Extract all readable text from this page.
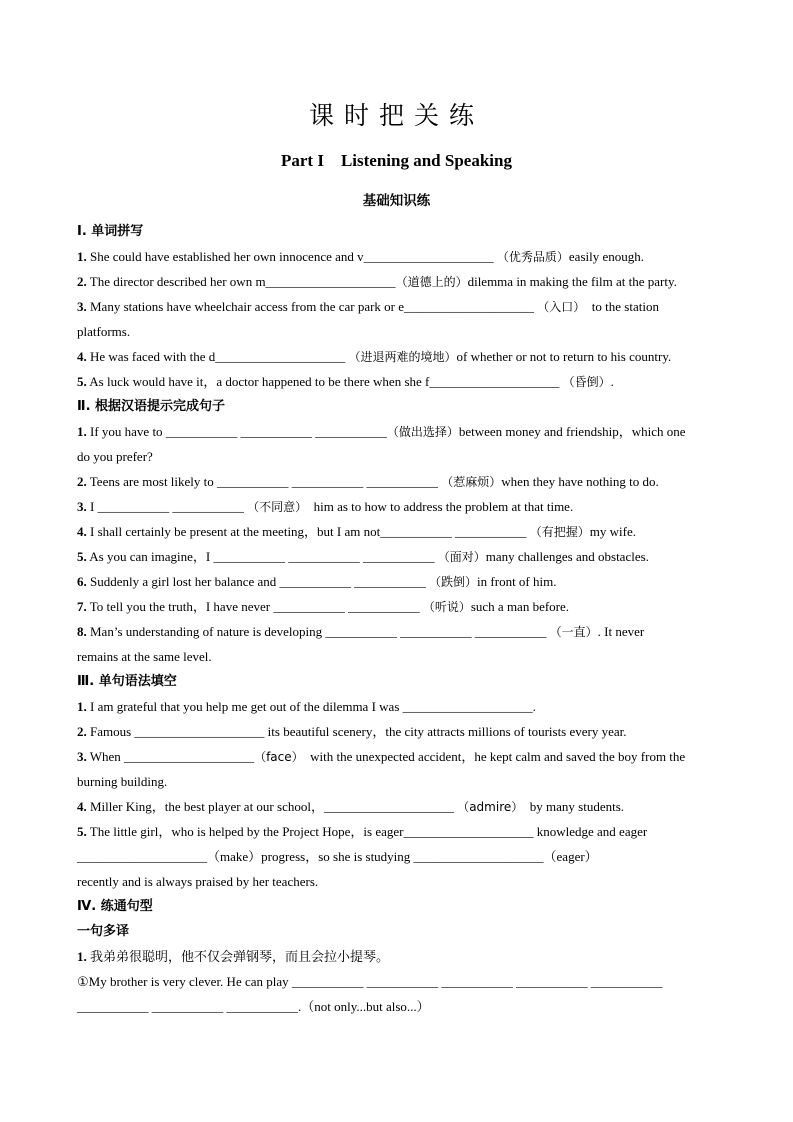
课时把关练
Part I　Listening and Speaking
基础知识练
Ⅰ. 单词拼写
1. She could have established her own innocence and v____________________ （优秀品质）easily enough.
2. The director described her own m____________________（道德上的）dilemma in making the film at the party.
3. Many stations have wheelchair access from the car park or e____________________ （入口）  to the station
platforms.
4. He was faced with the d____________________ （进退两难的境地）of whether or not to return to his country.
5. As luck would have it，a doctor happened to be there when she f____________________ （昏倒）.
Ⅱ. 根据汉语提示完成句子
1. If you have to ___________ ___________ ___________（做出选择）between money and friendship，which one
do you prefer?
2. Teens are most likely to ___________ ___________ ___________ （惹麻烦）when they have nothing to do.
3. I ___________ ___________ （不同意）  him as to how to address the problem at that time.
4. I shall certainly be present at the meeting，but I am not___________ ___________ （有把握）my wife.
5. As you can imagine，I ___________ ___________ ___________ （面对）many challenges and obstacles.
6. Suddenly a girl lost her balance and ___________ ___________ （跌倒）in front of him.
7. To tell you the truth，I have never ___________ ___________ （听说）such a man before.
8. Man’s understanding of nature is developing ___________ ___________ ___________ （一直）. It never
remains at the same level.
Ⅲ. 单句语法填空
1. I am grateful that you help me get out of the dilemma I was ____________________.
2. Famous ____________________ its beautiful scenery，the city attracts millions of tourists every year.
3. When ____________________（face）  with the unexpected accident，he kept calm and saved the boy from the
burning building.
4. Miller King，the best player at our school，____________________ （admire）  by many students.
5. The little girl，who is helped by the Project Hope，is eager____________________ knowledge and eager
____________________（make）progress，so she is studying ____________________（eager）
recently and is always praised by her teachers.
Ⅳ. 练通句型
一句多译
1. 我弟弟很聪明，他不仅会弹钢琴，而且会拉小提琴。
①My brother is very clever. He can play ___________ ___________ ___________ ___________ ___________
___________ ___________ ___________.（not only...but also...）
